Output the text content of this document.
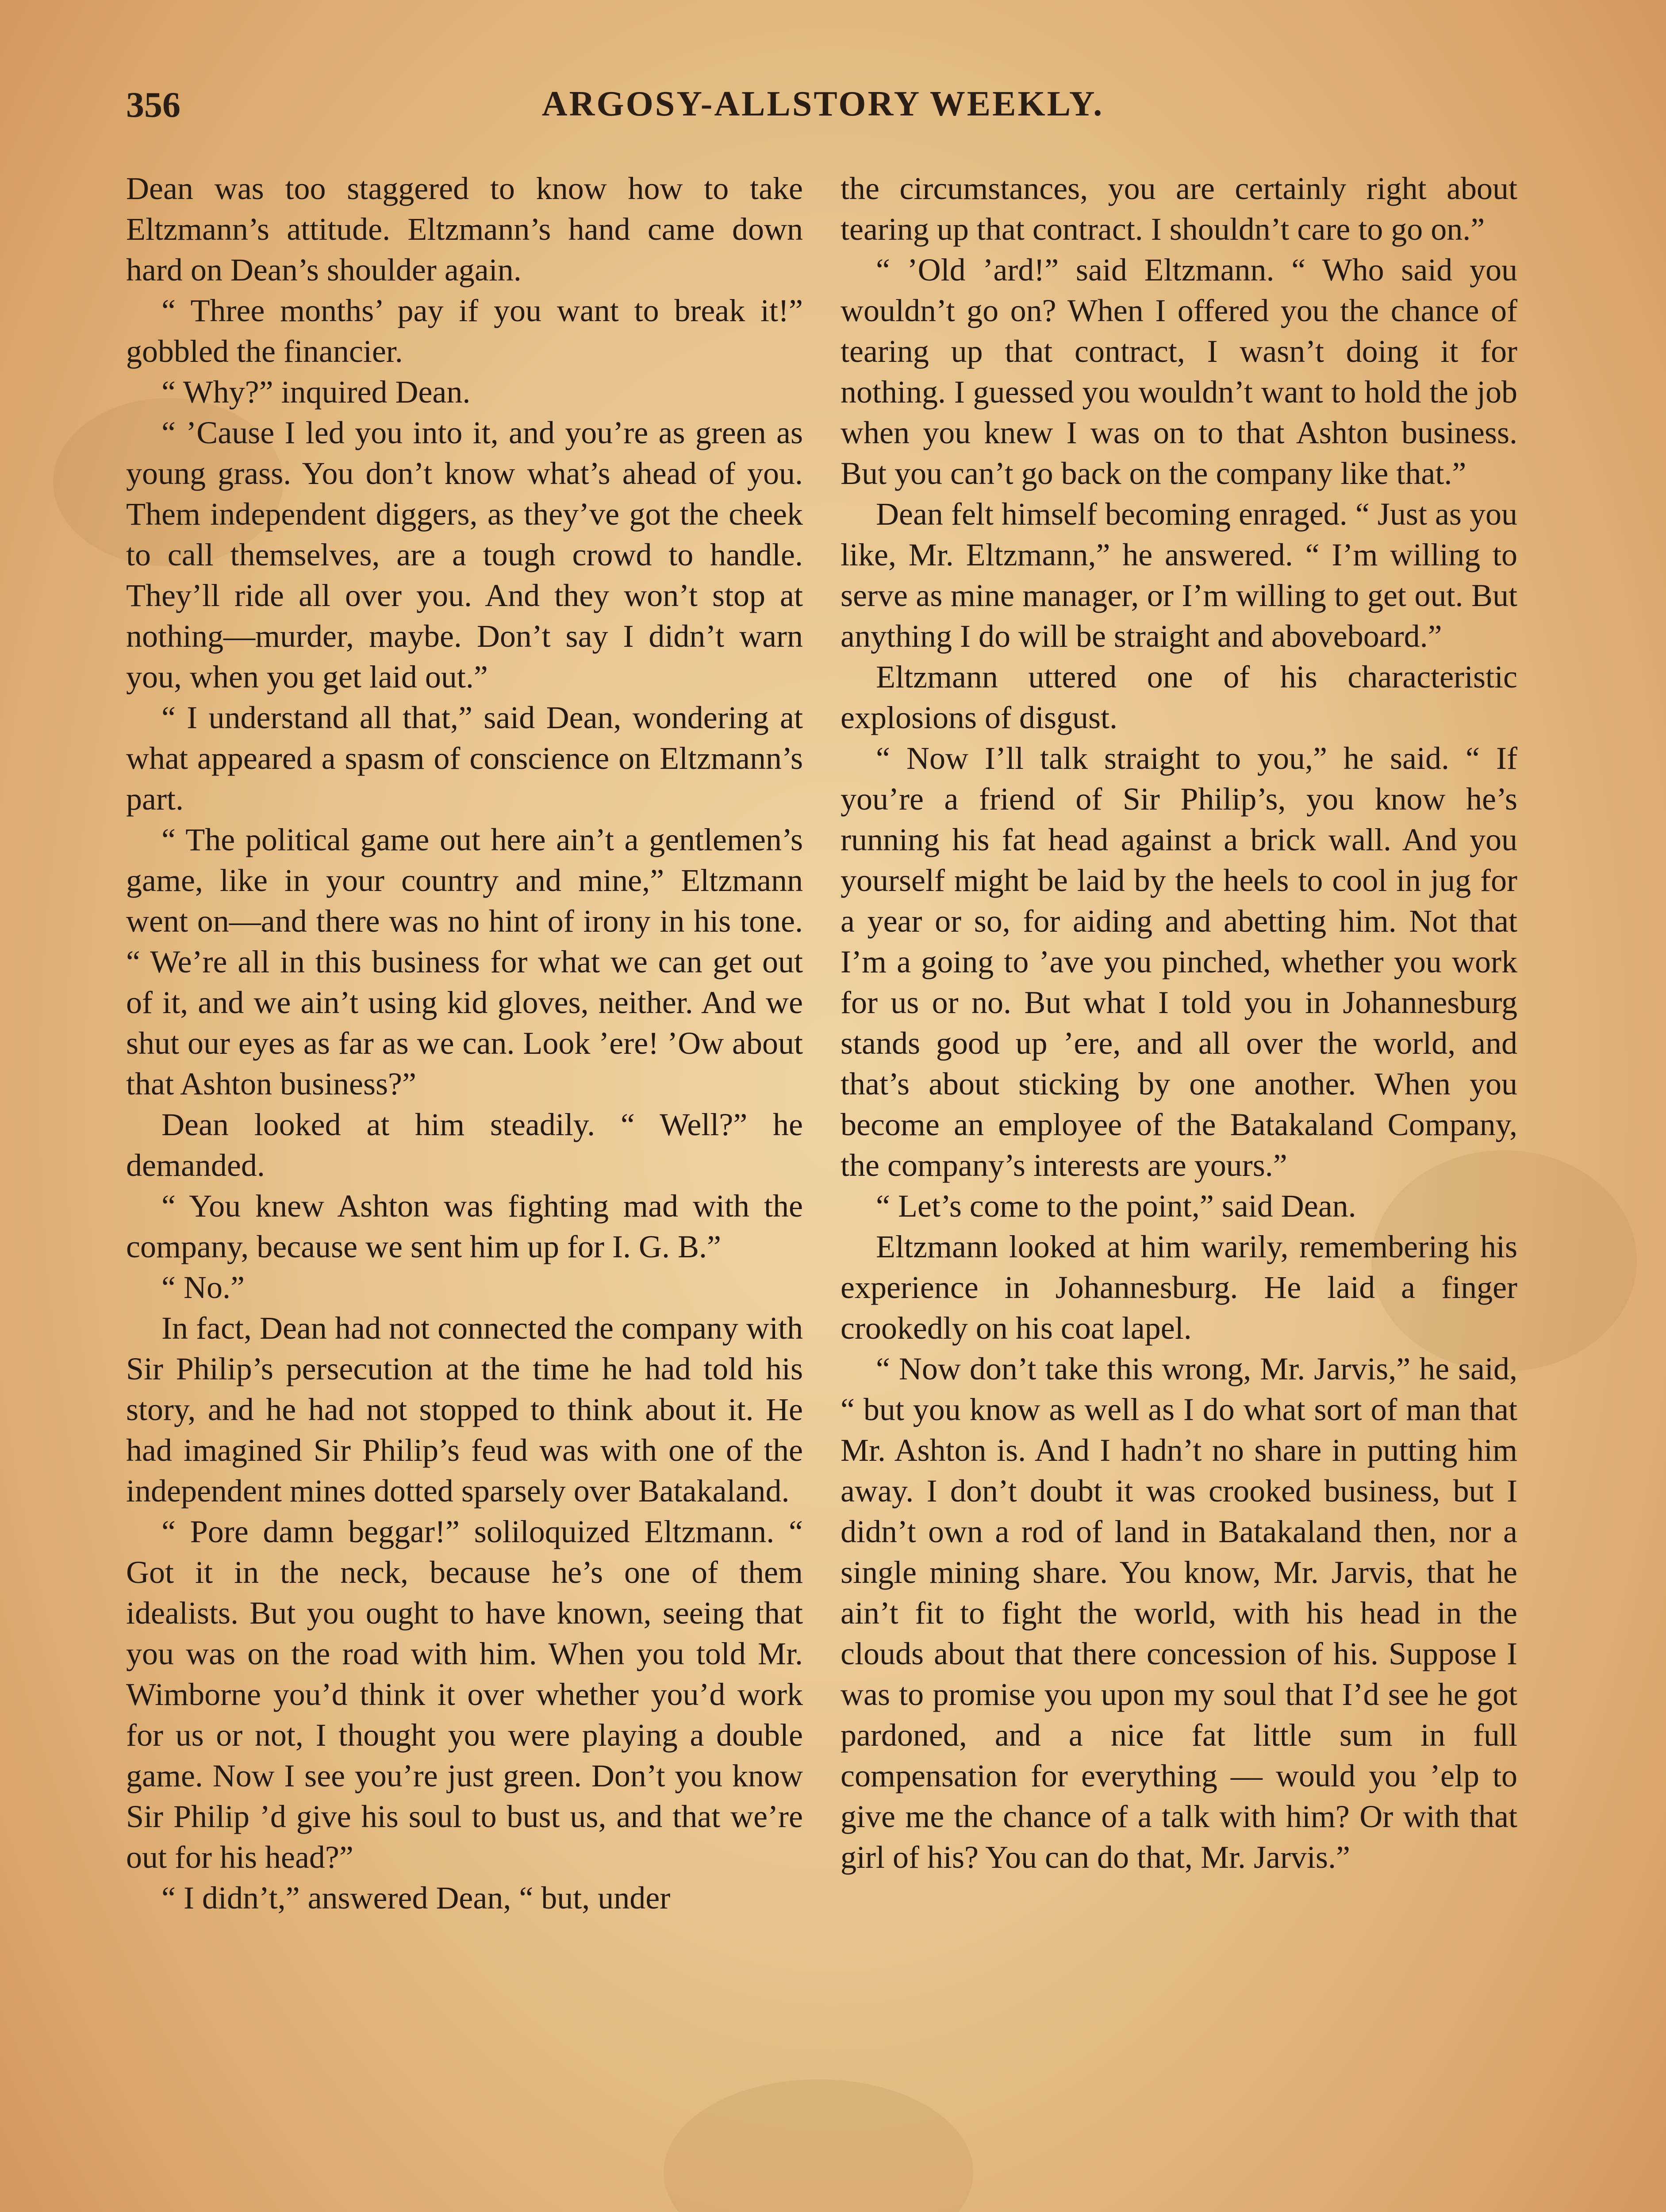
356	ARGOSY-ALLSTORY WEEKLY.

Dean was too staggered to know how to take Eltzmann’s attitude. Eltzmann’s hand came down hard on Dean’s shoulder again.

“ Three months’ pay if you want to break it!” gobbled the financier.

“ Why?” inquired Dean.

“ ’Cause I led you into it, and you’re as green as young grass. You don’t know what’s ahead of you. Them independent diggers, as they’ve got the cheek to call themselves, are a tough crowd to handle. They’ll ride all over you. And they won’t stop at nothing—murder, maybe. Don’t say I didn’t warn you, when you get laid out.”

“ I understand all that,” said Dean, wondering at what appeared a spasm of conscience on Eltzmann’s part.

“ The political game out here ain’t a gentlemen’s game, like in your country and mine,” Eltzmann went on—and there was no hint of irony in his tone. “ We’re all in this business for what we can get out of it, and we ain’t using kid gloves, neither. And we shut our eyes as far as we can. Look ’ere! ’Ow about that Ashton business?”

Dean looked at him steadily. “ Well?” he demanded.

“ You knew Ashton was fighting mad with the company, because we sent him up for I. G. B.”

“ No.”

In fact, Dean had not connected the company with Sir Philip’s persecution at the time he had told his story, and he had not stopped to think about it. He had imagined Sir Philip’s feud was with one of the independent mines dotted sparsely over Batakaland.

“ Pore damn beggar!” soliloquized Eltzmann. “ Got it in the neck, because he’s one of them idealists. But you ought to have known, seeing that you was on the road with him. When you told Mr. Wimborne you’d think it over whether you’d work for us or not, I thought you were playing a double game. Now I see you’re just green. Don’t you know Sir Philip ’d give his soul to bust us, and that we’re out for his head?”

“ I didn’t,” answered Dean, “ but, under

the circumstances, you are certainly right about tearing up that contract. I shouldn’t care to go on.”

“ ’Old ’ard!” said Eltzmann. “ Who said you wouldn’t go on? When I offered you the chance of tearing up that contract, I wasn’t doing it for nothing. I guessed you wouldn’t want to hold the job when you knew I was on to that Ashton business. But you can’t go back on the company like that.”

Dean felt himself becoming enraged. “ Just as you like, Mr. Eltzmann,” he answered. “ I’m willing to serve as mine manager, or I’m willing to get out. But anything I do will be straight and aboveboard.”

Eltzmann uttered one of his characteristic explosions of disgust.

“ Now I’ll talk straight to you,” he said. “ If you’re a friend of Sir Philip’s, you know he’s running his fat head against a brick wall. And you yourself might be laid by the heels to cool in jug for a year or so, for aiding and abetting him. Not that I’m a going to ’ave you pinched, whether you work for us or no. But what I told you in Johannesburg stands good up ’ere, and all over the world, and that’s about sticking by one another. When you become an employee of the Batakaland Company, the company’s interests are yours.”

“ Let’s come to the point,” said Dean.

Eltzmann looked at him warily, remembering his experience in Johannesburg. He laid a finger crookedly on his coat lapel.

“ Now don’t take this wrong, Mr. Jarvis,” he said, “ but you know as well as I do what sort of man that Mr. Ashton is. And I hadn’t no share in putting him away. I don’t doubt it was crooked business, but I didn’t own a rod of land in Batakaland then, nor a single mining share. You know, Mr. Jarvis, that he ain’t fit to fight the world, with his head in the clouds about that there concession of his. Suppose I was to promise you upon my soul that I’d see he got pardoned, and a nice fat little sum in full compensation for everything — would you ’elp to give me the chance of a talk with him? Or with that girl of his? You can do that, Mr. Jarvis.”
